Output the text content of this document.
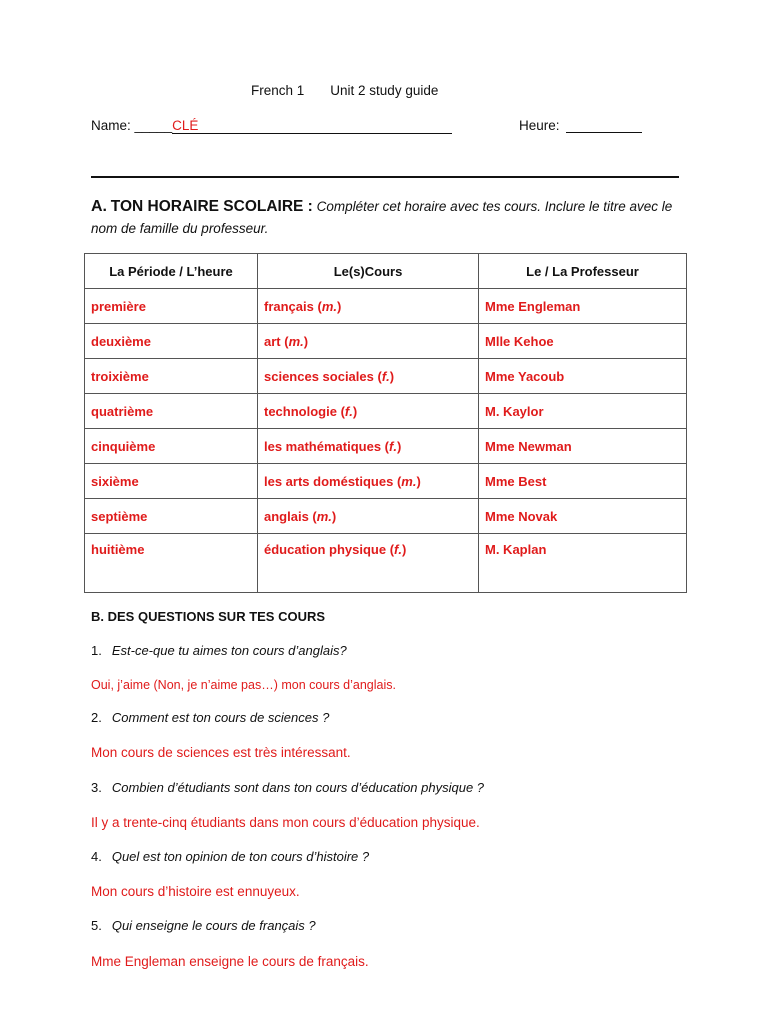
French 1 Unit 2 study guide
Name: _____CLÉ	Heure:
A. TON HORAIRE SCOLAIRE : Compléter cet horaire avec tes cours. Inclure le titre avec le nom de famille du professeur.
La Période / L’heure	Le(s)Cours	Le / La Professeur
première	français (m.)	Mme Engleman
deuxième	art (m.)	Mlle Kehoe
troixième	sciences sociales (f.)	Mme Yacoub
quatrième	technologie (f.)	M. Kaylor
cinquième	les mathématiques (f.)	Mme Newman
sixième	les arts doméstiques (m.)	Mme Best
septième	anglais (m.)	Mme Novak
huitième	éducation physique (f.)	M. Kaplan
B. DES QUESTIONS SUR TES COURS
1. Est-ce-que tu aimes ton cours d’anglais?
Oui, j’aime (Non, je n’aime pas…) mon cours d’anglais.
2. Comment est ton cours de sciences ?
Mon cours de sciences est très intéressant.
3. Combien d’étudiants sont dans ton cours d’éducation physique ?
Il y a trente-cinq étudiants dans mon cours d’éducation physique.
4. Quel est ton opinion de ton cours d’histoire ?
Mon cours d’histoire est ennuyeux.
5. Qui enseigne le cours de français ?
Mme Engleman enseigne le cours de français.
